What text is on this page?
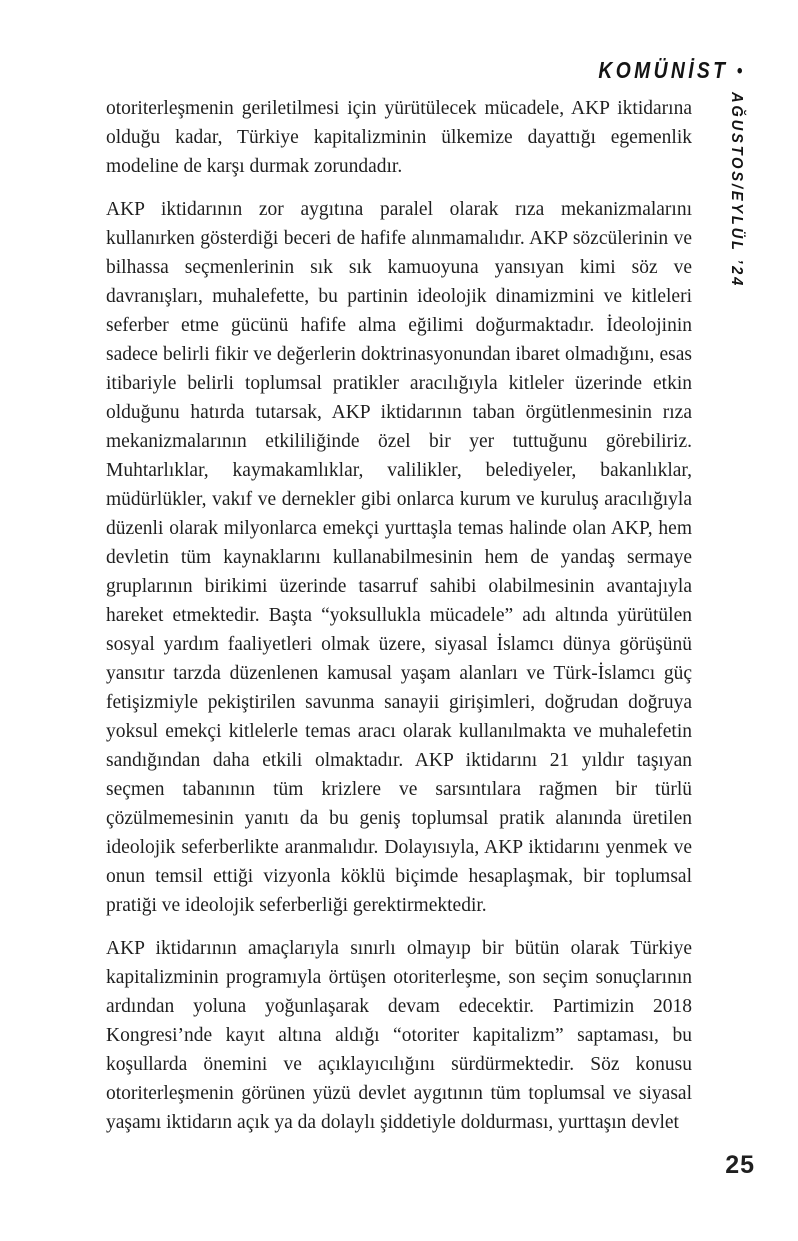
KOMÜNİST •
AĞUSTOS/EYLÜL ’24

otoriterleşmenin geriletilmesi için yürütülecek mücadele, AKP iktidarına olduğu kadar, Türkiye kapitalizminin ülkemize dayattığı egemenlik modeline de karşı durmak zorundadır.

AKP iktidarının zor aygıtına paralel olarak rıza mekanizmalarını kullanırken gösterdiği beceri de hafife alınmamalıdır. AKP sözcülerinin ve bilhassa seçmenlerinin sık sık kamuoyuna yansıyan kimi söz ve davranışları, muhalefette, bu partinin ideolojik dinamizmini ve kitleleri seferber etme gücünü hafife alma eğilimi doğurmaktadır. İdeolojinin sadece belirli fikir ve değerlerin doktrinasyonundan ibaret olmadığını, esas itibariyle belirli toplumsal pratikler aracılığıyla kitleler üzerinde etkin olduğunu hatırda tutarsak, AKP iktidarının taban örgütlenmesinin rıza mekanizmalarının etkililiğinde özel bir yer tuttuğunu görebiliriz. Muhtarlıklar, kaymakamlıklar, valilikler, belediyeler, bakanlıklar, müdürlükler, vakıf ve dernekler gibi onlarca kurum ve kuruluş aracılığıyla düzenli olarak milyonlarca emekçi yurttaşla temas halinde olan AKP, hem devletin tüm kaynaklarını kullanabilmesinin hem de yandaş sermaye gruplarının birikimi üzerinde tasarruf sahibi olabilmesinin avantajıyla hareket etmektedir. Başta “yoksullukla mücadele” adı altında yürütülen sosyal yardım faaliyetleri olmak üzere, siyasal İslamcı dünya görüşünü yansıtır tarzda düzenlenen kamusal yaşam alanları ve Türk-İslamcı güç fetişizmiyle pekiştirilen savunma sanayii girişimleri, doğrudan doğruya yoksul emekçi kitlelerle temas aracı olarak kullanılmakta ve muhalefetin sandığından daha etkili olmaktadır. AKP iktidarını 21 yıldır taşıyan seçmen tabanının tüm krizlere ve sarsıntılara rağmen bir türlü çözülmemesinin yanıtı da bu geniş toplumsal pratik alanında üretilen ideolojik seferberlikte aranmalıdır. Dolayısıyla, AKP iktidarını yenmek ve onun temsil ettiği vizyonla köklü biçimde hesaplaşmak, bir toplumsal pratiği ve ideolojik seferberliği gerektirmektedir.

AKP iktidarının amaçlarıyla sınırlı olmayıp bir bütün olarak Türkiye kapitalizminin programıyla örtüşen otoriterleşme, son seçim sonuçlarının ardından yoluna yoğunlaşarak devam edecektir. Partimizin 2018 Kongresi’nde kayıt altına aldığı “otoriter kapitalizm” saptaması, bu koşullarda önemini ve açıklayıcılığını sürdürmektedir. Söz konusu otoriterleşmenin görünen yüzü devlet aygıtının tüm toplumsal ve siyasal yaşamı iktidarın açık ya da dolaylı şiddetiyle doldurması, yurttaşın devlet

25
